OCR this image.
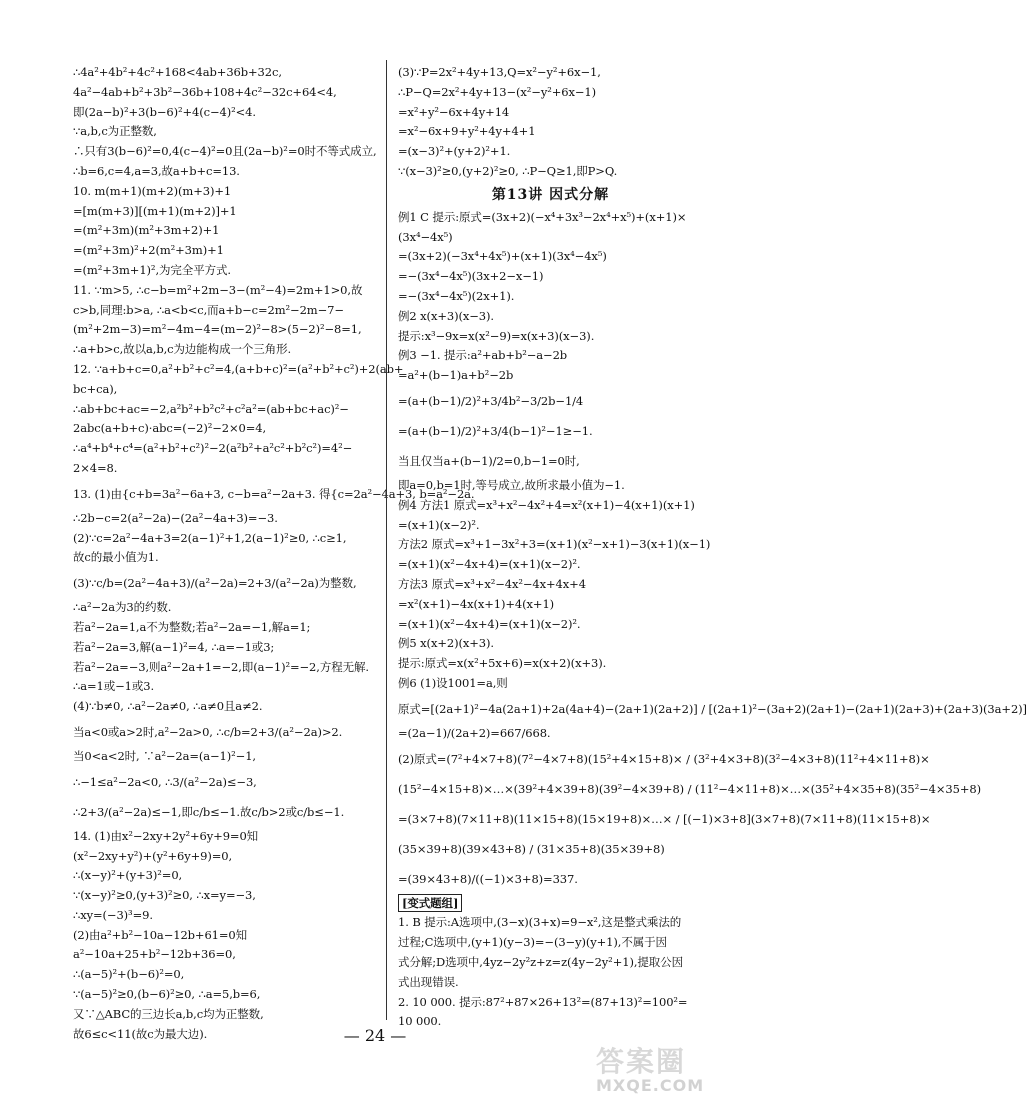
∴4a²+4b²+4c²+168<4ab+36b+32c,
4a²−4ab+b²+3b²−36b+108+4c²−32c+64<4,
即(2a−b)²+3(b−6)²+4(c−4)²<4.
∵a,b,c为正整数,
∴只有3(b−6)²=0,4(c−4)²=0且(2a−b)²=0时不等式成立,
∴b=6,c=4,a=3,故a+b+c=13.
10. m(m+1)(m+2)(m+3)+1
=[m(m+3)][(m+1)(m+2)]+1
=(m²+3m)(m²+3m+2)+1
=(m²+3m)²+2(m²+3m)+1
=(m²+3m+1)²,为完全平方式.
11. ∵m>5, ∴c−b=m²+2m−3−(m²−4)=2m+1>0,故
c>b,同理:b>a, ∴a<b<c,而a+b−c=2m²−2m−7−
(m²+2m−3)=m²−4m−4=(m−2)²−8>(5−2)²−8=1,
∴a+b>c,故以a,b,c为边能构成一个三角形.
12. ∵a+b+c=0,a²+b²+c²=4,(a+b+c)²=(a²+b²+c²)+2(ab+
bc+ca),
∴ab+bc+ac=−2,a²b²+b²c²+c²a²=(ab+bc+ac)²−
2abc(a+b+c)·abc=(−2)²−2×0=4,
∴a⁴+b⁴+c⁴=(a²+b²+c²)²−2(a²b²+a²c²+b²c²)=4²−
2×4=8.
13. (1)由{c+b=3a²−6a+3, c−b=a²−2a+3. 得{c=2a²−4a+3, b=a²−2a.
∴2b−c=2(a²−2a)−(2a²−4a+3)=−3.
(2)∵c=2a²−4a+3=2(a−1)²+1,2(a−1)²≥0, ∴c≥1,
故c的最小值为1.
(3)∵c/b=(2a²−4a+3)/(a²−2a)=2+3/(a²−2a)为整数,
∴a²−2a为3的约数.
若a²−2a=1,a不为整数;若a²−2a=−1,解a=1;
若a²−2a=3,解(a−1)²=4, ∴a=−1或3;
若a²−2a=−3,则a²−2a+1=−2,即(a−1)²=−2,方程无解.
∴a=1或−1或3.
(4)∵b≠0, ∴a²−2a≠0, ∴a≠0且a≠2.
当a<0或a>2时,a²−2a>0, ∴c/b=2+3/(a²−2a)>2.
当0<a<2时, ∵a²−2a=(a−1)²−1,
∴−1≤a²−2a<0, ∴3/(a²−2a)≤−3,
∴2+3/(a²−2a)≤−1,即c/b≤−1.故c/b>2或c/b≤−1.
14. (1)由x²−2xy+2y²+6y+9=0知
(x²−2xy+y²)+(y²+6y+9)=0,
∴(x−y)²+(y+3)²=0,
∵(x−y)²≥0,(y+3)²≥0, ∴x=y=−3,
∴xy=(−3)³=9.
(2)由a²+b²−10a−12b+61=0知
a²−10a+25+b²−12b+36=0,
∴(a−5)²+(b−6)²=0,
∵(a−5)²≥0,(b−6)²≥0, ∴a=5,b=6,
又∵△ABC的三边长a,b,c均为正整数,
故6≤c<11(故c为最大边).
(3)∵P=2x²+4y+13,Q=x²−y²+6x−1,
∴P−Q=2x²+4y+13−(x²−y²+6x−1)
=x²+y²−6x+4y+14
=x²−6x+9+y²+4y+4+1
=(x−3)²+(y+2)²+1.
∵(x−3)²≥0,(y+2)²≥0, ∴P−Q≥1,即P>Q.
第13讲 因式分解
例1 C 提示:原式=(3x+2)(−x⁴+3x³−2x⁴+x⁵)+(x+1)×
(3x⁴−4x⁵)
=(3x+2)(−3x⁴+4x⁵)+(x+1)(3x⁴−4x⁵)
=−(3x⁴−4x⁵)(3x+2−x−1)
=−(3x⁴−4x⁵)(2x+1).
例2 x(x+3)(x−3).
提示:x³−9x=x(x²−9)=x(x+3)(x−3).
例3 −1. 提示:a²+ab+b²−a−2b
=a²+(b−1)a+b²−2b
=(a+(b−1)/2)²+3/4b²−3/2b−1/4
=(a+(b−1)/2)²+3/4(b−1)²−1≥−1.
当且仅当a+(b−1)/2=0,b−1=0时,
即a=0,b=1时,等号成立,故所求最小值为−1.
例4 方法1 原式=x³+x²−4x²+4=x²(x+1)−4(x+1)(x+1)
=(x+1)(x−2)².
方法2 原式=x³+1−3x²+3=(x+1)(x²−x+1)−3(x+1)(x−1)
=(x+1)(x²−4x+4)=(x+1)(x−2)².
方法3 原式=x³+x²−4x²−4x+4x+4
=x²(x+1)−4x(x+1)+4(x+1)
=(x+1)(x²−4x+4)=(x+1)(x−2)².
例5 x(x+2)(x+3).
提示:原式=x(x²+5x+6)=x(x+2)(x+3).
例6 (1)设1001=a,则
原式=[(2a+1)²−4a(2a+1)+2a(4a+4)−(2a+1)(2a+2)] / [(2a+1)²−(3a+2)(2a+1)−(2a+1)(2a+3)+(2a+3)(3a+2)]
=(2a−1)/(2a+2)=667/668.
(2)原式=(7²+4×7+8)(7²−4×7+8)(15²+4×15+8)× / (3²+4×3+8)(3²−4×3+8)(11²+4×11+8)×
(15²−4×15+8)×…×(39²+4×39+8)(39²−4×39+8) / (11²−4×11+8)×…×(35²+4×35+8)(35²−4×35+8)
=(3×7+8)(7×11+8)(11×15+8)(15×19+8)×…× / [(−1)×3+8](3×7+8)(7×11+8)(11×15+8)×
(35×39+8)(39×43+8) / (31×35+8)(35×39+8)
=(39×43+8)/((−1)×3+8)=337.
[变式题组]
1. B 提示:A选项中,(3−x)(3+x)=9−x²,这是整式乘法的
过程;C选项中,(y+1)(y−3)=−(3−y)(y+1),不属于因
式分解;D选项中,4yz−2y²z+z=z(4y−2y²+1),提取公因
式出现错误.
2. 10 000. 提示:87²+87×26+13²=(87+13)²=100²=
10 000.
— 24 —
答案圈
MXQE.COM
